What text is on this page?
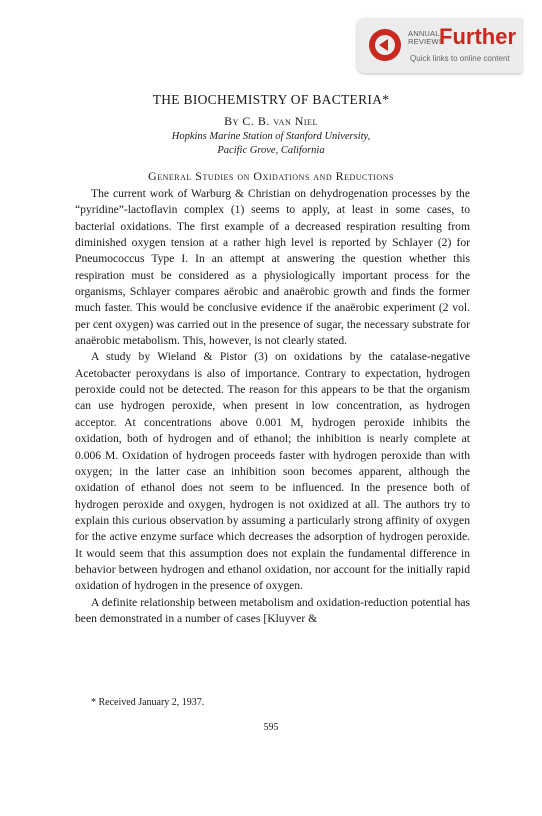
ANNUAL
REVIEWS
Further
Quick links to online content
THE BIOCHEMISTRY OF BACTERIA*
By C. B. van Niel
Hopkins Marine Station of Stanford University,
Pacific Grove, California
General Studies on Oxidations and Reductions

The current work of Warburg & Christian on dehydrogenation processes by the “pyridine”-lactoflavin complex (1) seems to apply, at least in some cases, to bacterial oxidations. The first example of a decreased respiration resulting from diminished oxygen tension at a rather high level is reported by Schlayer (2) for Pneumococcus Type I. In an attempt at answering the question whether this respiration must be considered as a physiologically important process for the organisms, Schlayer compares aërobic and anaërobic growth and finds the former much faster. This would be conclusive evidence if the anaërobic experiment (2 vol. per cent oxygen) was carried out in the presence of sugar, the necessary substrate for anaërobic metabolism. This, however, is not clearly stated.

A study by Wieland & Pistor (3) on oxidations by the catalase-negative Acetobacter peroxydans is also of importance. Contrary to expectation, hydrogen peroxide could not be detected. The reason for this appears to be that the organism can use hydrogen peroxide, when present in low concentration, as hydrogen acceptor. At concentrations above 0.001 M, hydrogen peroxide inhibits the oxidation, both of hydrogen and of ethanol; the inhibition is nearly complete at 0.006 M. Oxidation of hydrogen proceeds faster with hydrogen peroxide than with oxygen; in the latter case an inhibition soon becomes apparent, although the oxidation of ethanol does not seem to be influenced. In the presence both of hydrogen peroxide and oxygen, hydrogen is not oxidized at all. The authors try to explain this curious observation by assuming a particularly strong affinity of oxygen for the active enzyme surface which decreases the adsorption of hydrogen peroxide. It would seem that this assumption does not explain the fundamental difference in behavior between hydrogen and ethanol oxidation, nor account for the initially rapid oxidation of hydrogen in the presence of oxygen.

A definite relationship between metabolism and oxidation-reduction potential has been demonstrated in a number of cases [Kluyver &

* Received January 2, 1937.
595
